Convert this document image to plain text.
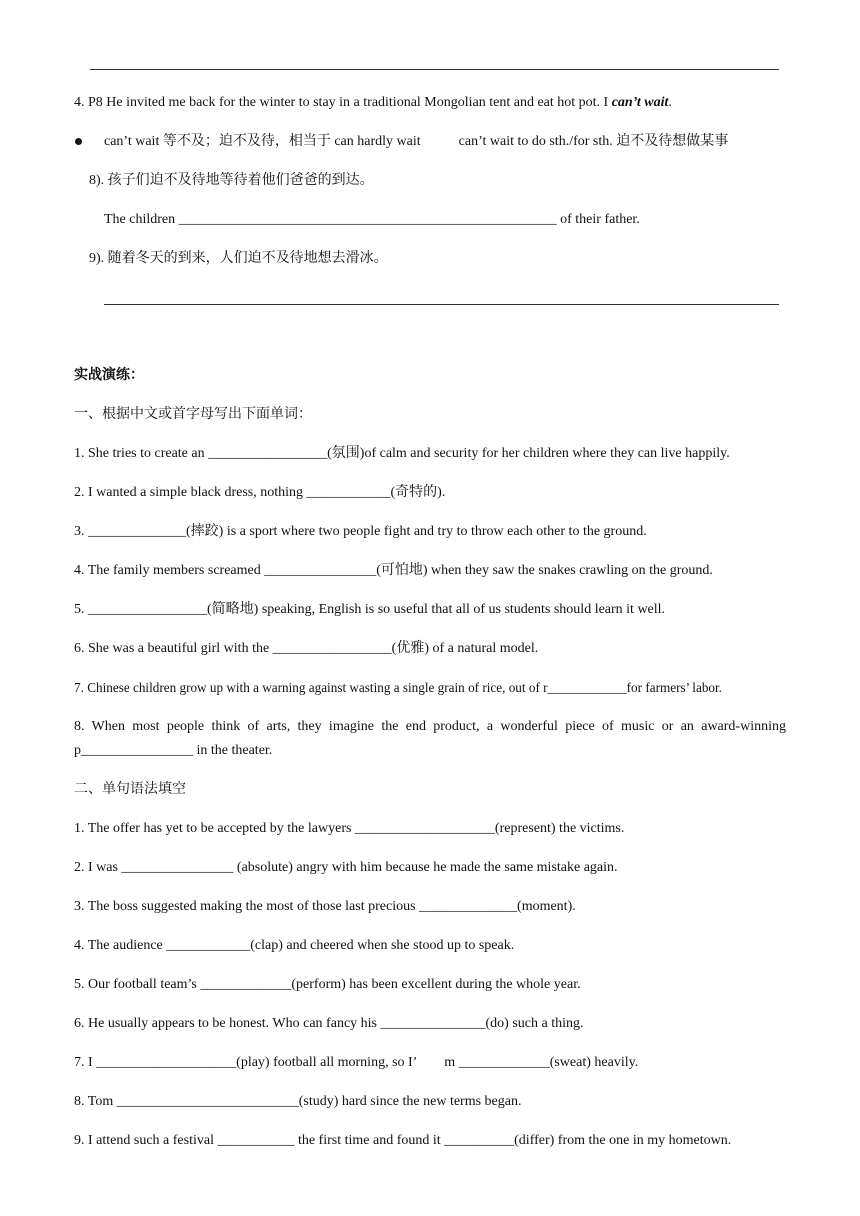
4. P8 He invited me back for the winter to stay in a traditional Mongolian tent and eat hot pot. I can’t wait.
can’t wait 等不及；迫不及待，相当于 can hardly wait	can’t wait to do sth./for sth. 迫不及待想做某事
8). 孩子们迫不及待地等待着他们爸爸的到达。
The children ______________________________________________________ of their father.
9). 随着冬天的到来，人们迫不及待地想去滑冰。
实战演练：
一、根据中文或首字母写出下面单词：
1. She tries to create an _________________(氛围)of calm and security for her children where they can live happily.
2. I wanted a simple black dress, nothing ____________(奇特的).
3. ______________(摔跤) is a sport where two people fight and try to throw each other to the ground.
4. The family members screamed ________________(可怕地) when they saw the snakes crawling on the ground.
5. _________________(简略地) speaking, English is so useful that all of us students should learn it well.
6. She was a beautiful girl with the _________________(优雅) of a natural model.
7. Chinese children grow up with a warning against wasting a single grain of rice, out of r____________for farmers’ labor.
8. When most people think of arts, they imagine the end product, a wonderful piece of music or an award-winning
p________________ in the theater.
二、单句语法填空
1. The offer has yet to be accepted by the lawyers ____________________(represent) the victims.
2. I was ________________ (absolute) angry with him because he made the same mistake again.
3. The boss suggested making the most of those last precious ______________(moment).
4. The audience ____________(clap) and cheered when she stood up to speak.
5. Our football team’s _____________(perform) has been excellent during the whole year.
6. He usually appears to be honest. Who can fancy his _______________(do) such a thing.
7. I ____________________(play) football all morning, so I’        m _____________(sweat) heavily.
8. Tom __________________________(study) hard since the new terms began.
9. I attend such a festival ___________ the first time and found it __________(differ) from the one in my hometown.
